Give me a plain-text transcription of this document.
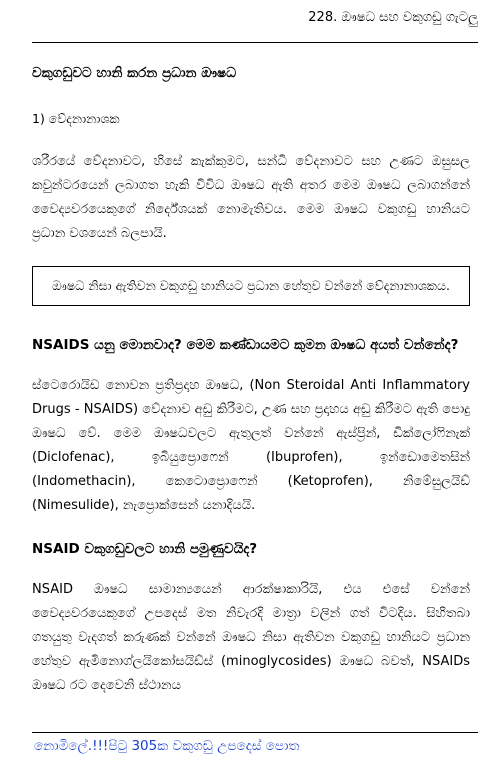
228. ඖෂධ සහ වකුගඩු ගැටලු
වකුගඩුවට හානි කරන ප්‍රධාන ඖෂධ
1) වේදනානාශක

ශරීරයේ වේදනාවට, හිසේ කැක්කුමට, සන්ධි වේදනාවට සහ උණට ඔසුසල කවුන්ටරයෙන් ලබාගත හැකි විවිධ ඖෂධ ඇති අතර මෙම ඖෂධ ලබාගන්නේ වෛද්‍යවරයෙකුගේ නිර්දේශයක් නොමැතිවය. මෙම ඖෂධ වකුගඩු හානියට ප්‍රධාන වශයෙන් බලපායි.

ඖෂධ නිසා ඇතිවන වකුගඩු හානියට ප්‍රධාන හේතුව වන්නේ වේදනානාශකය.
NSAIDS යනු මොනවාද? මෙම කණ්ඩායමට කුමන ඖෂධ අයත් වන්නේද?

ස්ටෙරොයිඩ නොවන ප්‍රතිප්‍රදාහ ඖෂධ, (Non Steroidal Anti Inflammatory Drugs - NSAIDS) වේදනාව අඩු කිරීමට, උණ සහ ප්‍රදාහය අඩු කිරීමට ඇති පොදු ඖෂධ වේ. මෙම ඖෂධවලට ඇතුලත් වන්නේ ඇස්ප්‍රින්, ඩික්ලෝෆිනැක් (Diclofenac), ඉබියුප්‍රොෆෙන් (Ibuprofen), ඉන්ඩොමෙතසින් (Indomethacin), කෙටොප්‍රොෆෙන් (Ketoprofen), නිමේසුලයිඩ් (Nimesulide), නැප්‍රොක්සෙන් යනාදියයි.

NSAID වකුගඩුවලට හානි පමුණුවයිද?

NSAID ඖෂධ සාමාන්‍යයෙන් ආරක්ෂාකාරියි, එය එසේ වන්නේ වෛද්‍යවරයෙකුගේ උපදෙස් මත නිවැරදි මාත්‍රා වලින් ගත් විටදිය. සිහිතබා ගතයුතු වැදගත් කරුණක් වන්නේ ඖෂධ නිසා ඇතිවන වකුගඩු හානියට ප්‍රධාන හේතුව ඇමිනොග්ලයිකෝසයිඩ්ස් (minoglycosides) ඖෂධ බවත්, NSAIDs ඖෂධ රට දෙවෙනි ස්ථානය

නොමිලේ.!!!පිටු 305ක වකුගඩු උපදෙස් පොත
